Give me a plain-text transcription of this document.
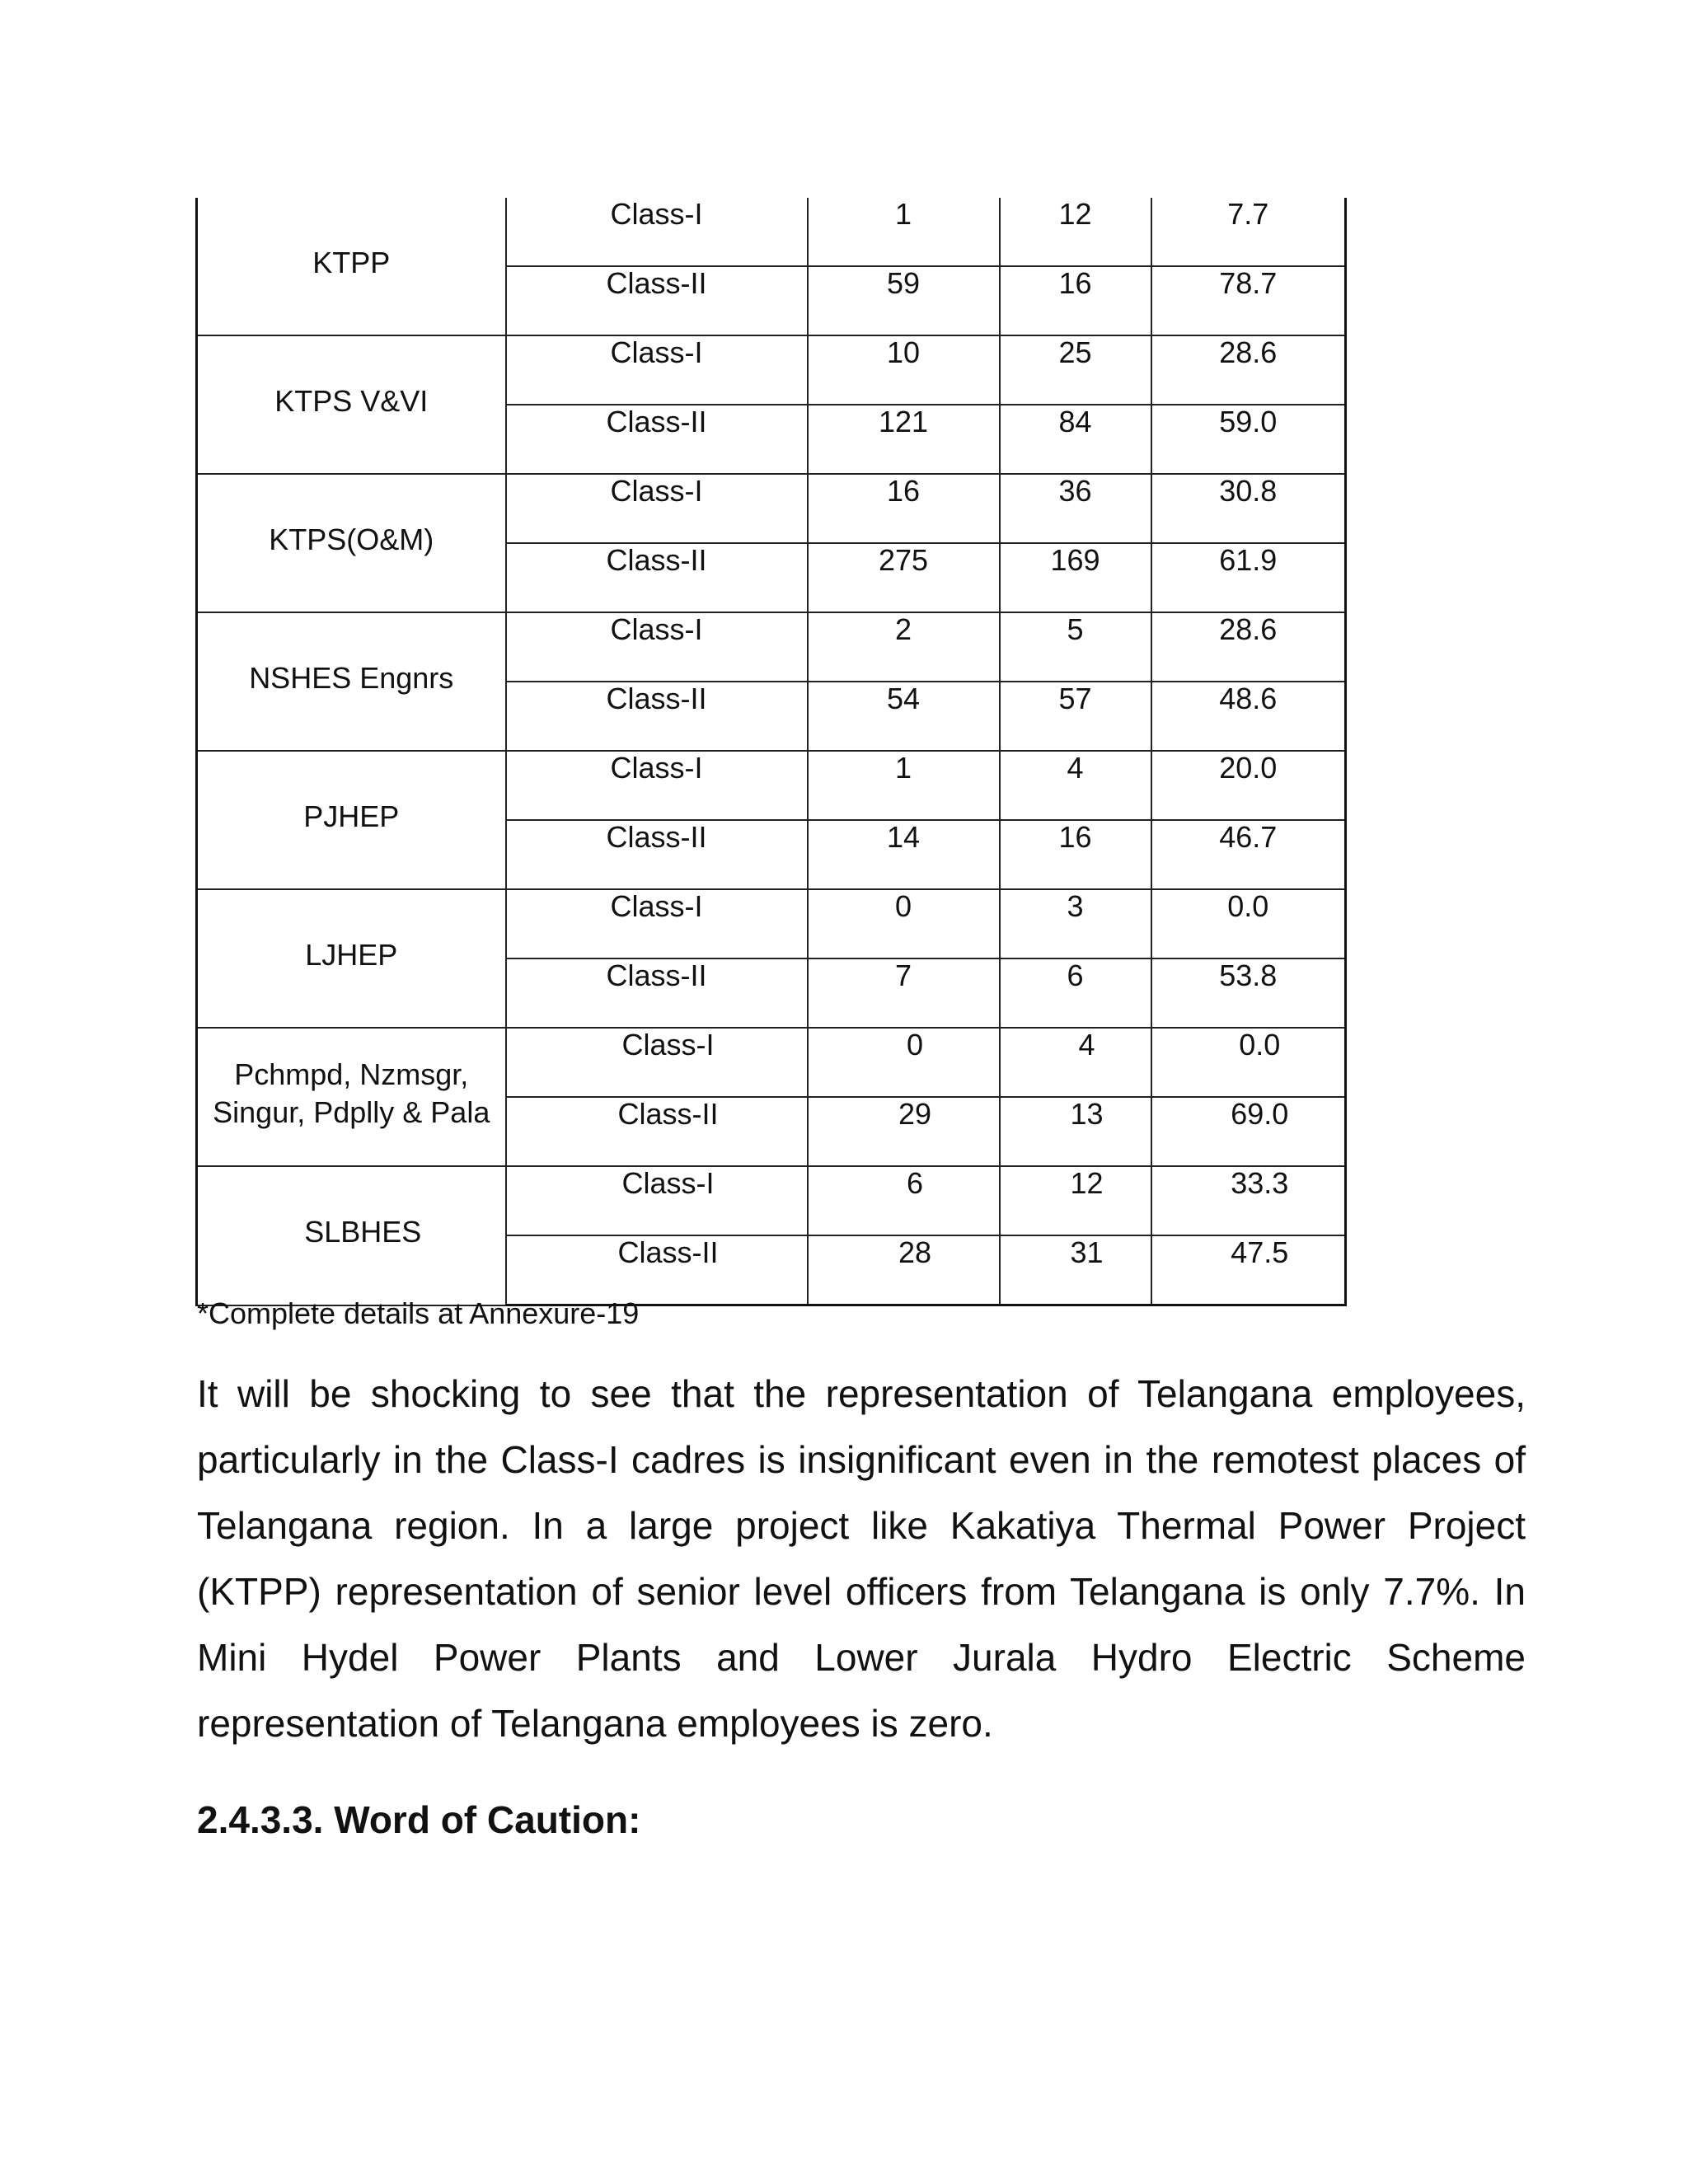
KTPP	Class-I	1	12	7.7
	Class-II	59	16	78.7
KTPS V&VI	Class-I	10	25	28.6
	Class-II	121	84	59.0
KTPS(O&M)	Class-I	16	36	30.8
	Class-II	275	169	61.9
NSHES Engnrs	Class-I	2	5	28.6
	Class-II	54	57	48.6
PJHEP	Class-I	1	4	20.0
	Class-II	14	16	46.7
LJHEP	Class-I	0	3	0.0
	Class-II	7	6	53.8
Pchmpd, Nzmsgr, Singur, Pdplly & Pala	Class-I	0	4	0.0
	Class-II	29	13	69.0
SLBHES	Class-I	6	12	33.3
	Class-II	28	31	47.5
*Complete details at Annexure-19

It will be shocking to see that the representation of Telangana employees, particularly in the Class-I cadres is insignificant even in the remotest places of Telangana region. In a large project like Kakatiya Thermal Power Project (KTPP) representation of senior level officers from Telangana is only 7.7%. In Mini Hydel Power Plants and Lower Jurala Hydro Electric Scheme representation of Telangana employees is zero.

2.4.3.3. Word of Caution:
